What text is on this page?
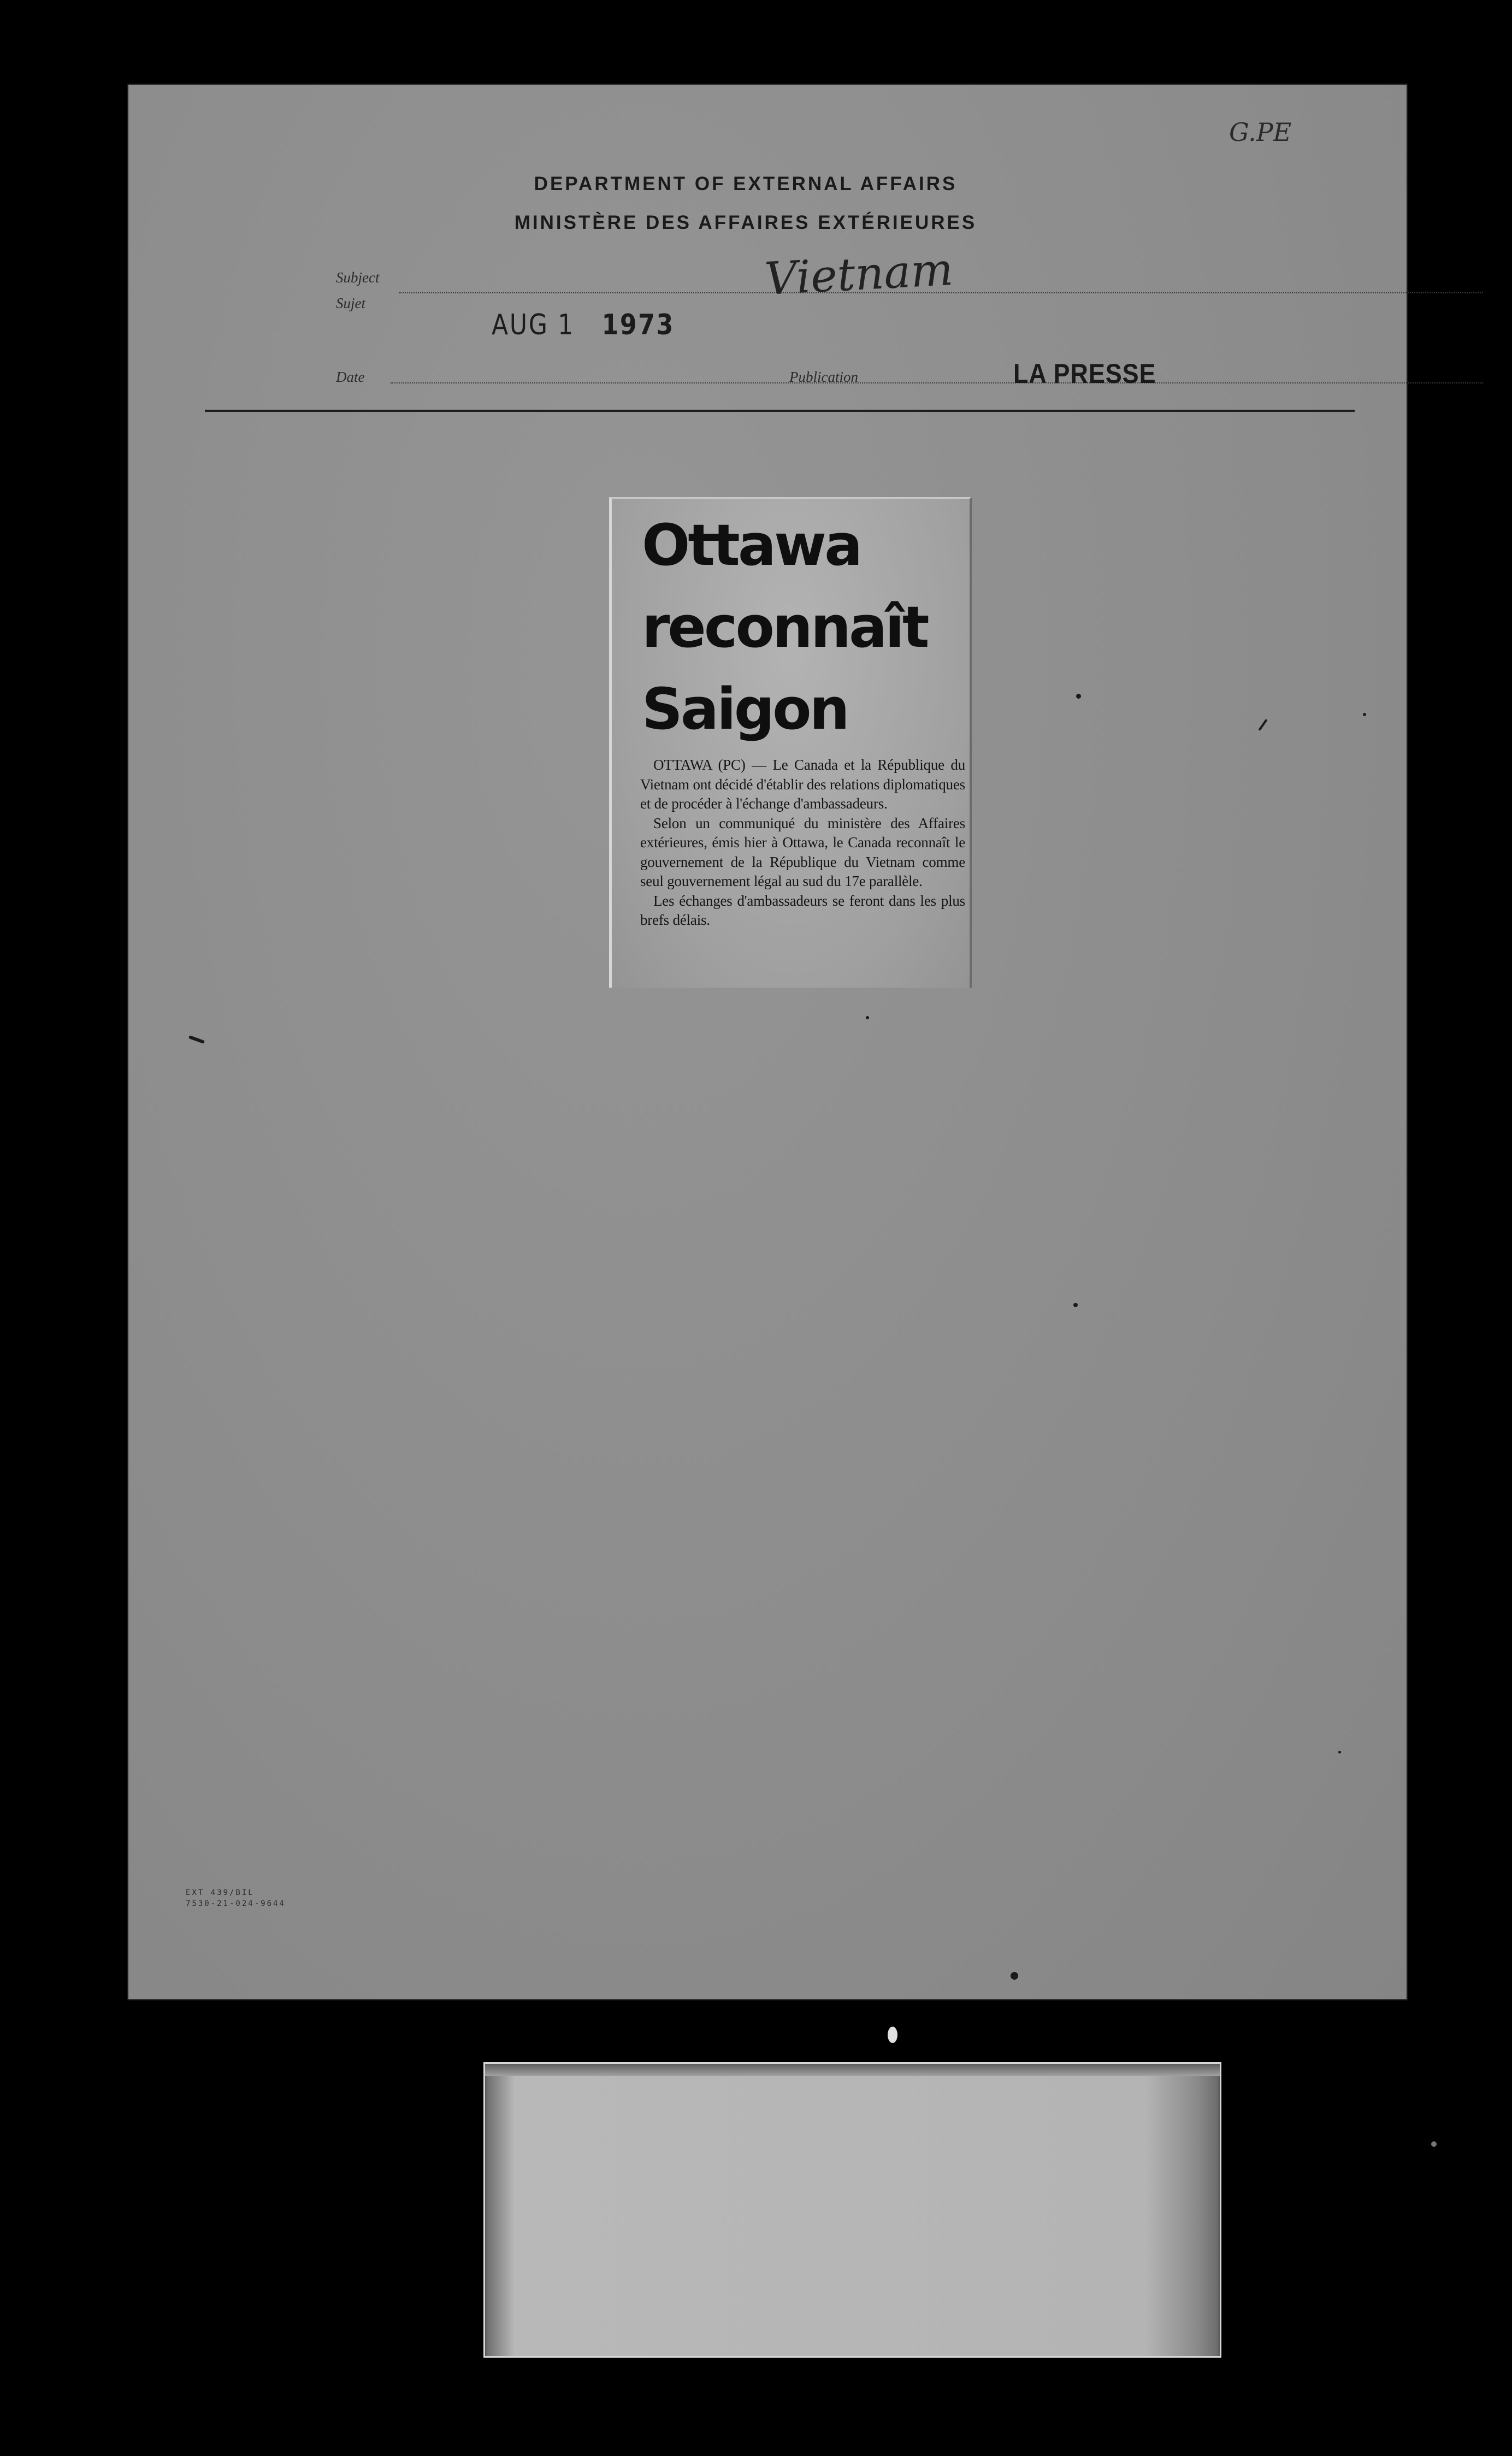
G.PE
DEPARTMENT OF EXTERNAL AFFAIRS
MINISTÈRE DES AFFAIRES EXTÉRIEURES
Subject
Sujet	Vietnam
AUG 1 1973
Date	Publication	LA PRESSE
Ottawa
reconnaît
Saigon

OTTAWA (PC) — Le Canada et la République du Vietnam ont décidé d'établir des relations diplomatiques et de procéder à l'échange d'ambassadeurs.

Selon un communiqué du ministère des Affaires extérieures, émis hier à Ottawa, le Canada reconnaît le gouvernement de la République du Vietnam comme seul gouvernement légal au sud du 17e parallèle.

Les échanges d'ambassadeurs se feront dans les plus brefs délais.

EXT 439/BIL
7530-21-024-9644
